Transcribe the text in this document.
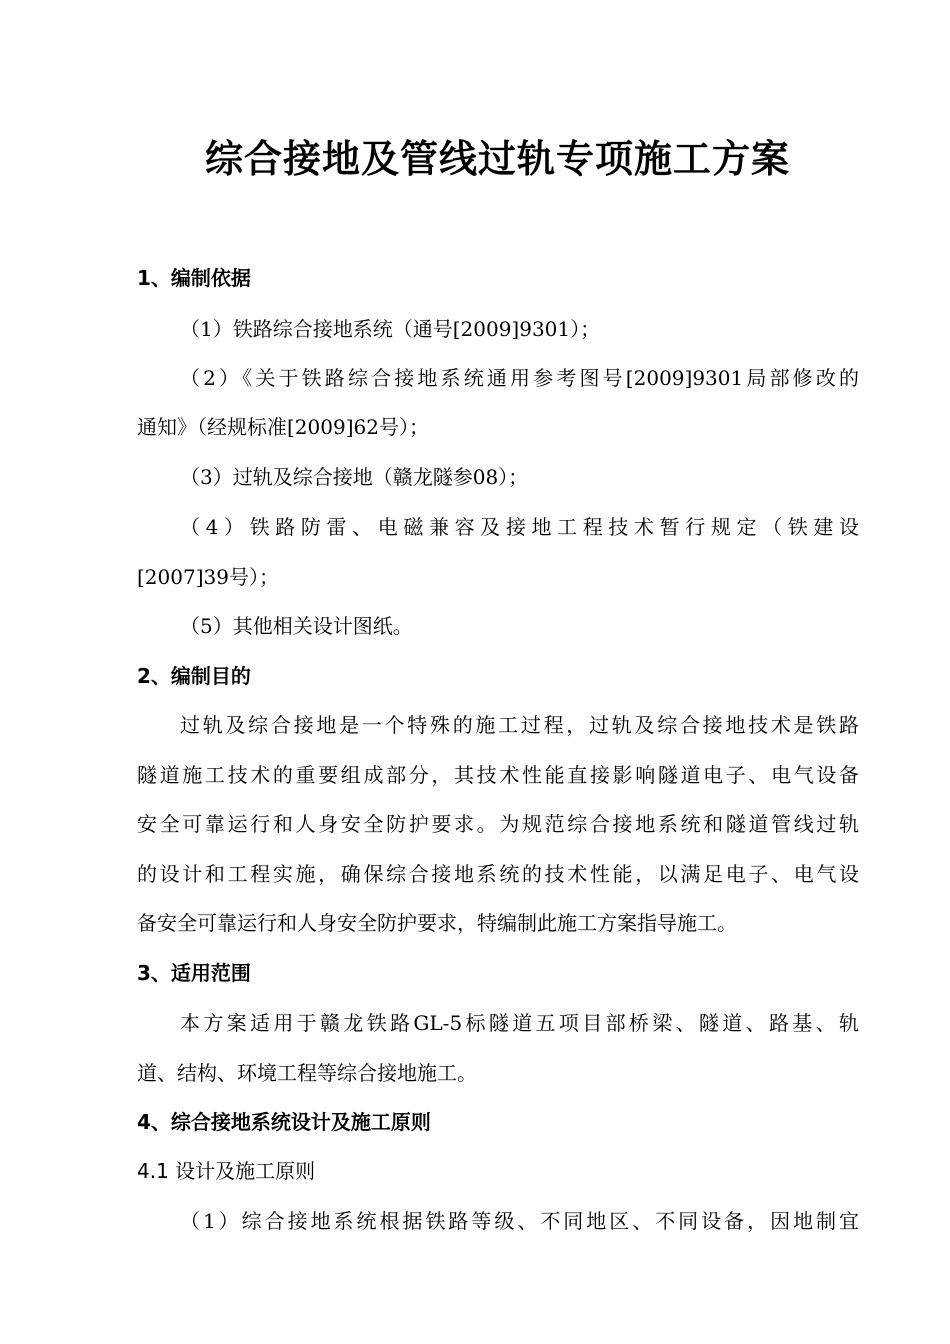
综合接地及管线过轨专项施工方案
1、编制依据
（1）铁路综合接地系统（通号[2009]9301）；
（2）《关于铁路综合接地系统通用参考图号[2009]9301局部修改的
通知》（经规标准[2009]62号）；
（3）过轨及综合接地（赣龙隧参08）；
（4）铁路防雷、电磁兼容及接地工程技术暂行规定（铁建设
[2007]39号）；
（5）其他相关设计图纸。
2、编制目的
过轨及综合接地是一个特殊的施工过程，过轨及综合接地技术是铁路
隧道施工技术的重要组成部分，其技术性能直接影响隧道电子、电气设备
安全可靠运行和人身安全防护要求。为规范综合接地系统和隧道管线过轨
的设计和工程实施，确保综合接地系统的技术性能，以满足电子、电气设
备安全可靠运行和人身安全防护要求，特编制此施工方案指导施工。
3、适用范围
本方案适用于赣龙铁路GL-5标隧道五项目部桥梁、隧道、路基、轨
道、结构、环境工程等综合接地施工。
4、综合接地系统设计及施工原则
4.1 设计及施工原则
（1）综合接地系统根据铁路等级、不同地区、不同设备，因地制宜
